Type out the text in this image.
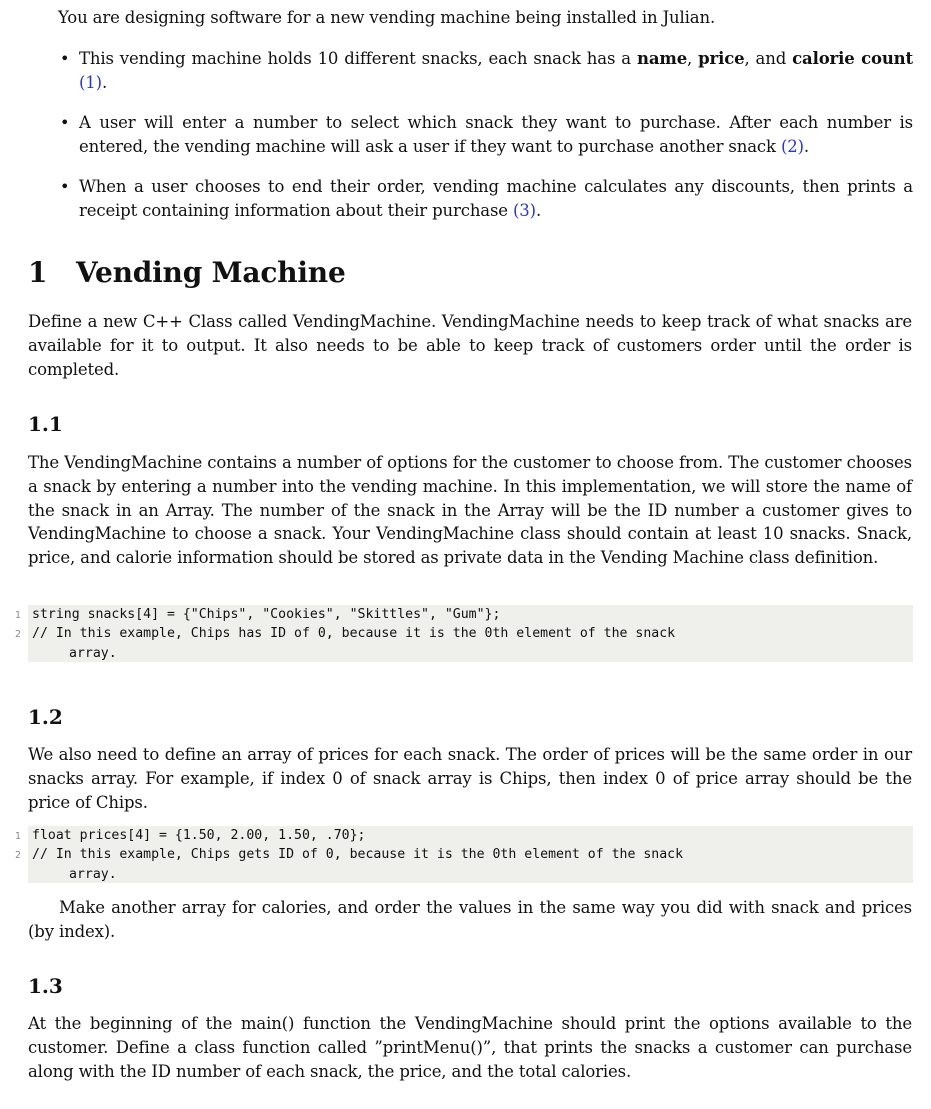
You are designing software for a new vending machine being installed in Julian.

• This vending machine holds 10 different snacks, each snack has a name, price, and calorie count (1).
• A user will enter a number to select which snack they want to purchase. After each number is entered, the vending machine will ask a user if they want to purchase another snack (2).
• When a user chooses to end their order, vending machine calculates any discounts, then prints a receipt containing information about their purchase (3).
1 Vending Machine

Define a new C++ Class called VendingMachine. VendingMachine needs to keep track of what snacks are available for it to output. It also needs to be able to keep track of customers order until the order is completed.

1.1

The VendingMachine contains a number of options for the customer to choose from. The customer chooses a snack by entering a number into the vending machine. In this implementation, we will store the name of the snack in an Array. The number of the snack in the Array will be the ID number a customer gives to VendingMachine to choose a snack. Your VendingMachine class should contain at least 10 snacks. Snack, price, and calorie information should be stored as private data in the Vending Machine class definition.

1 string snacks[4] = {"Chips", "Cookies", "Skittles", "Gum"};
2 // In this example, Chips has ID of 0, because it is the 0th element of the snack
array.
1.2

We also need to define an array of prices for each snack. The order of prices will be the same order in our snacks array. For example, if index 0 of snack array is Chips, then index 0 of price array should be the price of Chips.

1 float prices[4] = {1.50, 2.00, 1.50, .70};
2 // In this example, Chips gets ID of 0, because it is the 0th element of the snack
array.

Make another array for calories, and order the values in the same way you did with snack and prices (by index).

1.3

At the beginning of the main() function the VendingMachine should print the options available to the customer. Define a class function called ”printMenu()”, that prints the snacks a customer can purchase along with the ID number of each snack, the price, and the total calories.
